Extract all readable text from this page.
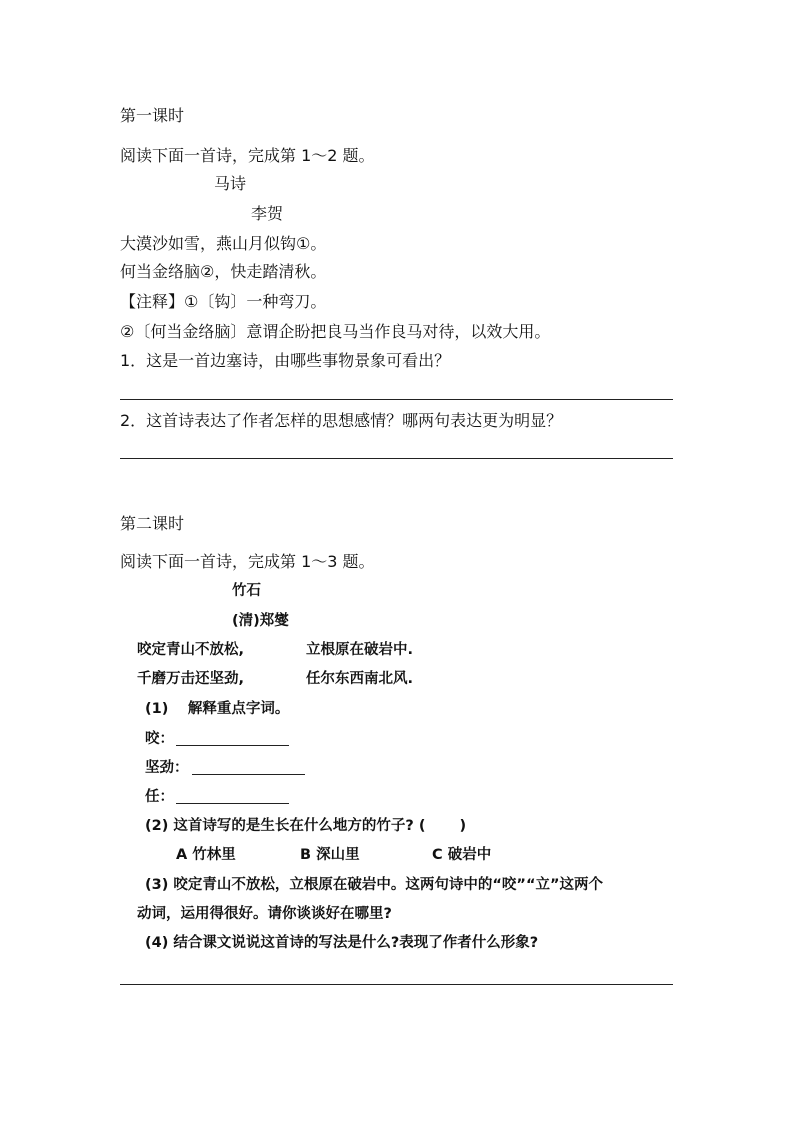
第一课时
阅读下面一首诗，完成第 1～2 题。
马诗
李贺
大漠沙如雪，燕山月似钩①。
何当金络脑②，快走踏清秋。
【注释】①〔钩〕一种弯刀。
②〔何当金络脑〕意谓企盼把良马当作良马对待，以效大用。
1．这是一首边塞诗，由哪些事物景象可看出？
2．这首诗表达了作者怎样的思想感情？哪两句表达更为明显？
第二课时
阅读下面一首诗，完成第 1～3 题。
竹石
(清)郑燮
咬定青山不放松,	立根原在破岩中.
千磨万击还坚劲,	任尔东西南北风.
(1)　 解释重点字词。
咬：
坚劲：
任：
(2) 这首诗写的是生长在什么地方的竹子? (　　 )
A 竹林里	B 深山里	C 破岩中
(3) 咬定青山不放松，立根原在破岩中。这两句诗中的“咬”“立”这两个
动词，运用得很好。请你谈谈好在哪里?
(4) 结合课文说说这首诗的写法是什么?表现了作者什么形象?
